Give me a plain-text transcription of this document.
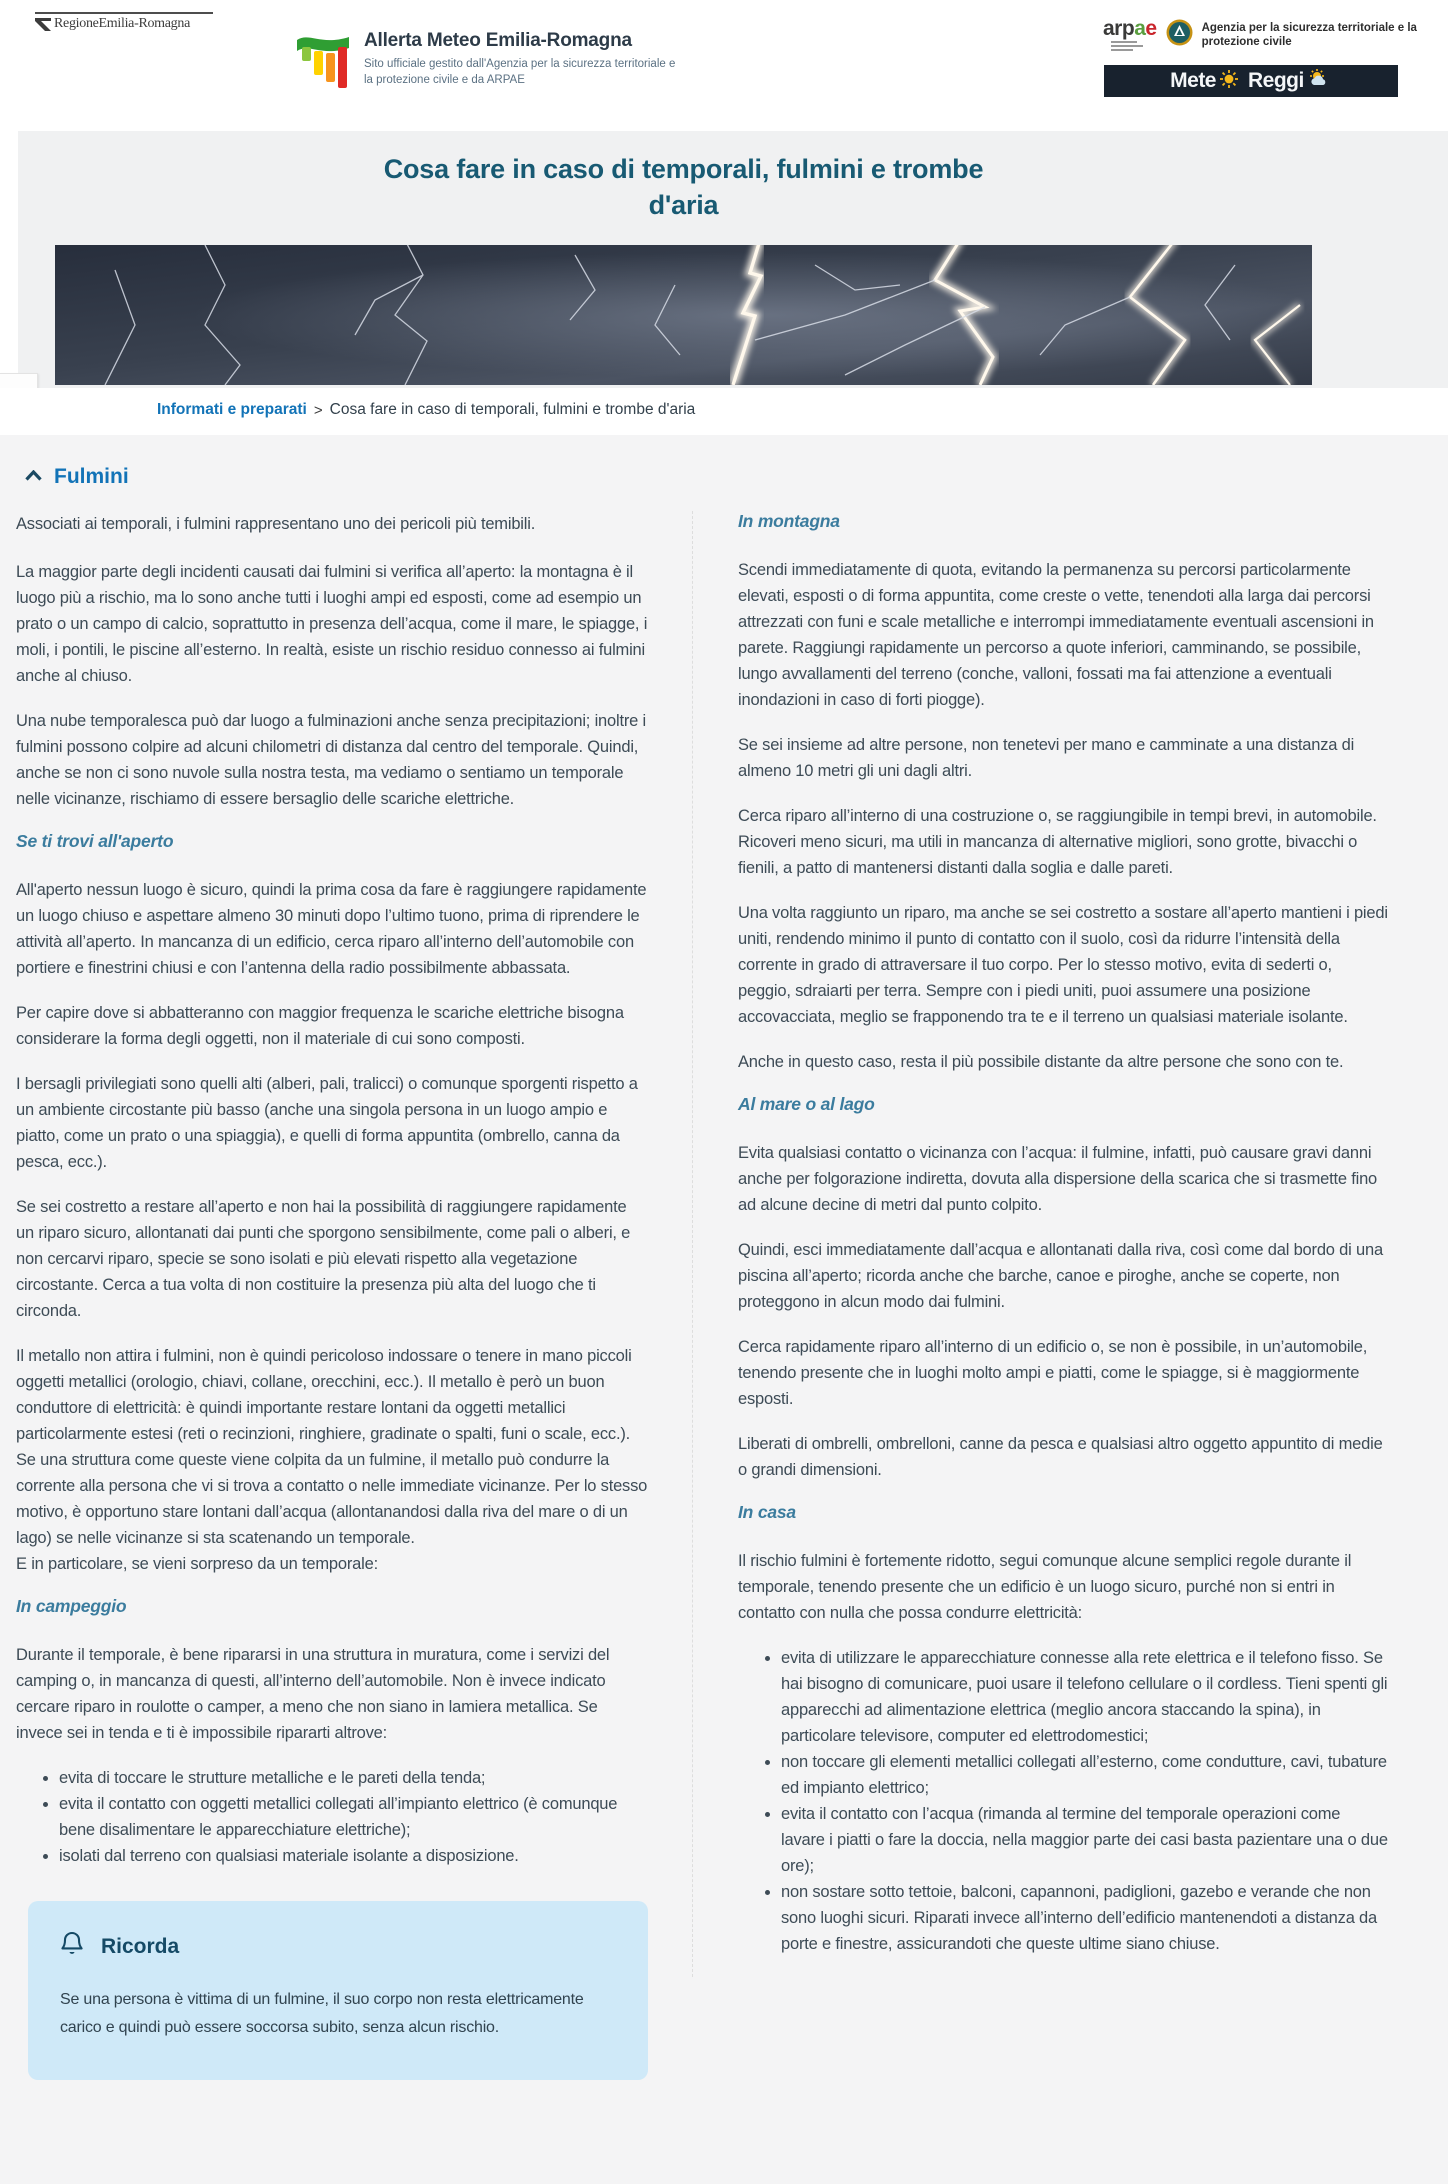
RegioneEmilia-Romagna
Allerta Meteo Emilia-Romagna
Sito ufficiale gestito dall'Agenzia per la sicurezza territoriale e
la protezione civile e da ARPAE
arpae	Agenzia per la sicurezza territoriale e la
protezione civile
Mete Reggi
Cosa fare in caso di temporali, fulmini e trombe
d'aria
Informati e preparati > Cosa fare in caso di temporali, fulmini e trombe d'aria
Fulmini

Associati ai temporali, i fulmini rappresentano uno dei pericoli più temibili.

La maggior parte degli incidenti causati dai fulmini si verifica all’aperto: la montagna è il luogo più a rischio, ma lo sono anche tutti i luoghi ampi ed esposti, come ad esempio un prato o un campo di calcio, soprattutto in presenza dell’acqua, come il mare, le spiagge, i moli, i pontili, le piscine all’esterno. In realtà, esiste un rischio residuo connesso ai fulmini anche al chiuso.

Una nube temporalesca può dar luogo a fulminazioni anche senza precipitazioni; inoltre i fulmini possono colpire ad alcuni chilometri di distanza dal centro del temporale. Quindi, anche se non ci sono nuvole sulla nostra testa, ma vediamo o sentiamo un temporale nelle vicinanze, rischiamo di essere bersaglio delle scariche elettriche.

Se ti trovi all'aperto

All'aperto nessun luogo è sicuro, quindi la prima cosa da fare è raggiungere rapidamente un luogo chiuso e aspettare almeno 30 minuti dopo l’ultimo tuono, prima di riprendere le attività all’aperto. In mancanza di un edificio, cerca riparo all’interno dell’automobile con portiere e finestrini chiusi e con l’antenna della radio possibilmente abbassata.

Per capire dove si abbatteranno con maggior frequenza le scariche elettriche bisogna considerare la forma degli oggetti, non il materiale di cui sono composti.

I bersagli privilegiati sono quelli alti (alberi, pali, tralicci) o comunque sporgenti rispetto a un ambiente circostante più basso (anche una singola persona in un luogo ampio e piatto, come un prato o una spiaggia), e quelli di forma appuntita (ombrello, canna da pesca, ecc.).

Se sei costretto a restare all’aperto e non hai la possibilità di raggiungere rapidamente un riparo sicuro, allontanati dai punti che sporgono sensibilmente, come pali o alberi, e non cercarvi riparo, specie se sono isolati e più elevati rispetto alla vegetazione circostante. Cerca a tua volta di non costituire la presenza più alta del luogo che ti circonda.

Il metallo non attira i fulmini, non è quindi pericoloso indossare o tenere in mano piccoli oggetti metallici (orologio, chiavi, collane, orecchini, ecc.). Il metallo è però un buon conduttore di elettricità: è quindi importante restare lontani da oggetti metallici particolarmente estesi (reti o recinzioni, ringhiere, gradinate o spalti, funi o scale, ecc.). Se una struttura come queste viene colpita da un fulmine, il metallo può condurre la corrente alla persona che vi si trova a contatto o nelle immediate vicinanze. Per lo stesso motivo, è opportuno stare lontani dall’acqua (allontanandosi dalla riva del mare o di un lago) se nelle vicinanze si sta scatenando un temporale.

E in particolare, se vieni sorpreso da un temporale:

In campeggio

Durante il temporale, è bene ripararsi in una struttura in muratura, come i servizi del camping o, in mancanza di questi, all’interno dell’automobile. Non è invece indicato cercare riparo in roulotte o camper, a meno che non siano in lamiera metallica. Se invece sei in tenda e ti è impossibile ripararti altrove:

• evita di toccare le strutture metalliche e le pareti della tenda;
• evita il contatto con oggetti metallici collegati all’impianto elettrico (è comunque bene disalimentare le apparecchiature elettriche);
• isolati dal terreno con qualsiasi materiale isolante a disposizione.
Ricorda

Se una persona è vittima di un fulmine, il suo corpo non resta elettricamente carico e quindi può essere soccorsa subito, senza alcun rischio.

In montagna

Scendi immediatamente di quota, evitando la permanenza su percorsi particolarmente elevati, esposti o di forma appuntita, come creste o vette, tenendoti alla larga dai percorsi attrezzati con funi e scale metalliche e interrompi immediatamente eventuali ascensioni in parete. Raggiungi rapidamente un percorso a quote inferiori, camminando, se possibile, lungo avvallamenti del terreno (conche, valloni, fossati ma fai attenzione a eventuali inondazioni in caso di forti piogge).

Se sei insieme ad altre persone, non tenetevi per mano e camminate a una distanza di almeno 10 metri gli uni dagli altri.

Cerca riparo all’interno di una costruzione o, se raggiungibile in tempi brevi, in automobile. Ricoveri meno sicuri, ma utili in mancanza di alternative migliori, sono grotte, bivacchi o fienili, a patto di mantenersi distanti dalla soglia e dalle pareti.

Una volta raggiunto un riparo, ma anche se sei costretto a sostare all’aperto mantieni i piedi uniti, rendendo minimo il punto di contatto con il suolo, così da ridurre l’intensità della corrente in grado di attraversare il tuo corpo. Per lo stesso motivo, evita di sederti o, peggio, sdraiarti per terra. Sempre con i piedi uniti, puoi assumere una posizione accovacciata, meglio se frapponendo tra te e il terreno un qualsiasi materiale isolante.

Anche in questo caso, resta il più possibile distante da altre persone che sono con te.

Al mare o al lago

Evita qualsiasi contatto o vicinanza con l’acqua: il fulmine, infatti, può causare gravi danni anche per folgorazione indiretta, dovuta alla dispersione della scarica che si trasmette fino ad alcune decine di metri dal punto colpito.

Quindi, esci immediatamente dall’acqua e allontanati dalla riva, così come dal bordo di una piscina all’aperto; ricorda anche che barche, canoe e piroghe, anche se coperte, non proteggono in alcun modo dai fulmini.

Cerca rapidamente riparo all’interno di un edificio o, se non è possibile, in un’automobile, tenendo presente che in luoghi molto ampi e piatti, come le spiagge, si è maggiormente esposti.

Liberati di ombrelli, ombrelloni, canne da pesca e qualsiasi altro oggetto appuntito di medie o grandi dimensioni.

In casa

Il rischio fulmini è fortemente ridotto, segui comunque alcune semplici regole durante il temporale, tenendo presente che un edificio è un luogo sicuro, purché non si entri in contatto con nulla che possa condurre elettricità:

• evita di utilizzare le apparecchiature connesse alla rete elettrica e il telefono fisso. Se hai bisogno di comunicare, puoi usare il telefono cellulare o il cordless. Tieni spenti gli apparecchi ad alimentazione elettrica (meglio ancora staccando la spina), in particolare televisore, computer ed elettrodomestici;
• non toccare gli elementi metallici collegati all’esterno, come condutture, cavi, tubature ed impianto elettrico;
• evita il contatto con l’acqua (rimanda al termine del temporale operazioni come lavare i piatti o fare la doccia, nella maggior parte dei casi basta pazientare una o due ore);
• non sostare sotto tettoie, balconi, capannoni, padiglioni, gazebo e verande che non sono luoghi sicuri. Riparati invece all’interno dell’edificio mantenendoti a distanza da porte e finestre, assicurandoti che queste ultime siano chiuse.
